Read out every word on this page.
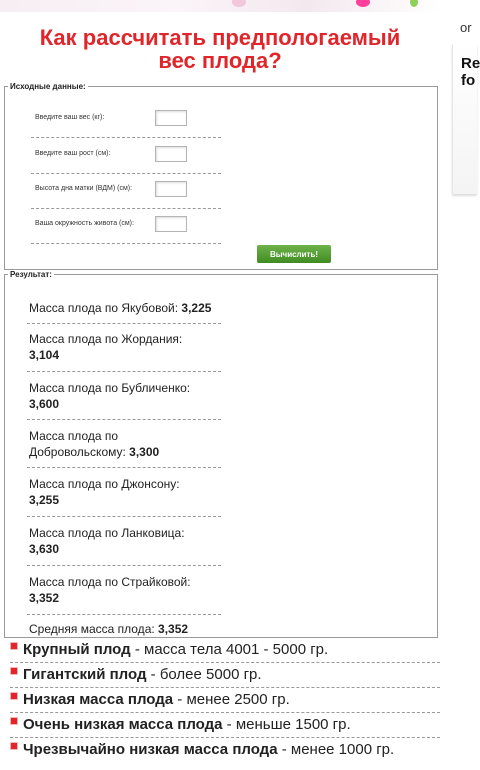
or
Re
fo
Как рассчитать предпологаемый
вес плода?
Исходные данные:
Введите ваш вес (кг):
Введите ваш рост (см):
Высота дна матки (ВДМ) (см):
Ваша окружность живота (см):
Вычислить!
Результат:
Масса плода по Якубовой: 3,225
Масса плода по Жордания:
3,104
Масса плода по Бубличенко:
3,600
Масса плода по
Добровольскому: 3,300
Масса плода по Джонсону:
3,255
Масса плода по Ланковица:
3,630
Масса плода по Страйковой:
3,352
Средняя масса плода: 3,352
Крупный плод - масса тела 4001 - 5000 гр.
Гигантский плод - более 5000 гр.
Низкая масса плода - менее 2500 гр.
Очень низкая масса плода - меньше 1500 гр.
Чрезвычайно низкая масса плода - менее 1000 гр.
